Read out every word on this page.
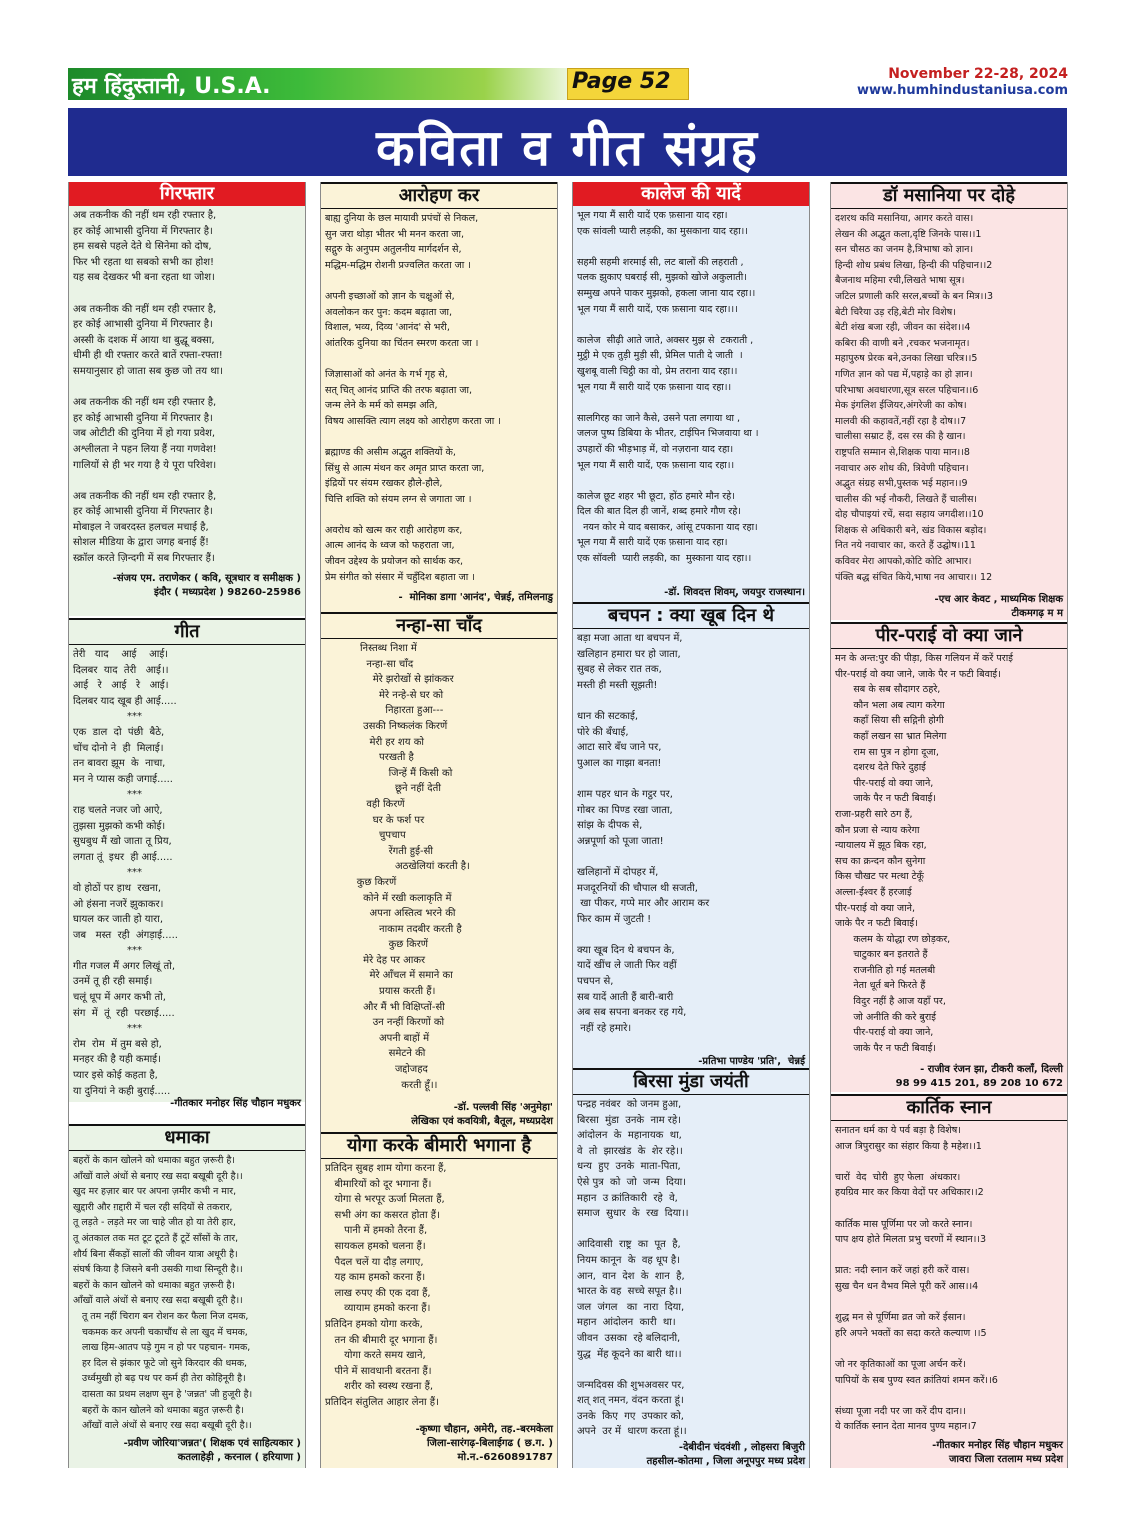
हम हिंदुस्तानी, U.S.A.	Page 52	November 22-28, 2024
www.humhindustaniusa.com
कविता व गीत संग्रह
गिरफ्तार
अब तकनीक की नहीं थम रही रफ्तार है,
हर कोई आभासी दुनिया में गिरफ्तार है।
हम सबसे पहले देते थे सिनेमा को दोष,
फिर भी रहता था सबको सभी का होश!
यह सब देखकर भी बना रहता था जोश।

अब तकनीक की नहीं थम रही रफ्तार है,
हर कोई आभासी दुनिया में गिरफ्तार है।
अस्सी के दशक में आया था बुद्धू बक्सा,
धीमी ही थी रफ्तार करते बातें रफ्ता-रफ्ता!
समयानुसार हो जाता सब कुछ जो तय था।

अब तकनीक की नहीं थम रही रफ्तार है,
हर कोई आभासी दुनिया में गिरफ्तार है।
जब ओटीटी की दुनिया में हो गया प्रवेश,
अश्लीलता ने पहन लिया हैं नया गणवेश!
गालियों से ही भर गया है ये पूरा परिवेश।

अब तकनीक की नहीं थम रही रफ्तार है,
हर कोई आभासी दुनिया में गिरफ्तार है।
मोबाइल ने जबरदस्त हलचल मचाई है,
सोशल मीडिया के द्वारा जगह बनाई हैं!
स्क्रॉल करते ज़िन्दगी में सब गिरफ्तार हैं।
-संजय एम. तराणेकर ( कवि, सूत्रधार व समीक्षक )
इंदौर ( मध्यप्रदेश ) 98260-25986
गीत
तेरी   याद    आई    आई।
दिलबर  याद  तेरी   आई।।
आई   रे   आई   रे   आई।
दिलबर याद खूब ही आई.....
***
एक  डाल  दो  पंछी  बैठे,
चोंच दोनो ने  ही  मिलाई।
तन बावरा झूम  के  नाचा,
मन ने प्यास कही जगाई.....
***
राह चलते नजर जो आऐ,
तुझसा मुझको कभी कोई।
सुधबुध मैं खो जाता तू प्रिय,
लगता तूं  इधर  ही आई.....
***
वो होठों पर हाथ  रखना,
ओ हंसना नजरें झुकाकर।
घायल कर जाती हो यारा,
जब   मस्त  रही  अंगड़ाई.....
***
गीत गजल मैं अगर लिखूं तो,
उनमें तू ही रही समाई।
चलूं धूप में अगर कभी तो,
संग  में  तूं  रही  परछाई.....
***
रोम  रोम  में तुम बसे हो,
मनहर की है यही कमाई।
प्यार इसे कोई कहता है,
या दुनियां ने कही बुराई.....
-गीतकार मनोहर सिंह चौहान मधुकर
धमाका
बहरों के कान खोलने को धमाका बहुत ज़रूरी है।
आँखों वाले अंधों से बनाए रख सदा बखूबी दूरी है।।
खुद मर हज़ार बार पर अपना ज़मीर कभी न मार,
खुद्दारी और ग़द्दारी में चल रही सदियों से तकरार,
तू लड़ते - लड़ते मर जा चाहे जीत हो या तेरी हार,
तू अंतकाल तक मत टूट टूटते हैं टूटें साँसों के तार,
शौर्य बिना सैंकड़ों सालों की जीवन यात्रा अधूरी है।
संघर्ष किया है जिसने बनी उसकी गाथा सिन्दूरी है।।
बहरों के कान खोलने को धमाका बहुत ज़रूरी है।
आँखों वाले अंधों से बनाए रख सदा बखूबी दूरी है।।
तू तम नहीं चिराग बन रोशन कर फैला निज दमक,
चकमक कर अपनी चकाचौंध से ला खुद में चमक,
लाख हिम-आतप पड़े गुम न हो पर पहचान- गमक,
हर दिल से झंकार फूटे जो सुने किरदार की धमक,
उर्ध्वमुखी हो बढ़ पथ पर कर्म ही तेरा कोहिनूरी है।
दासता का प्रथम लक्षण सुन हे 'जन्नत' जी हुजूरी है।
बहरों के कान खोलने को धमाका बहुत ज़रूरी है।
आँखों वाले अंधों से बनाए रख सदा बखूबी दूरी है।।
-प्रवीण जोरिया'जन्नत'( शिक्षक एवं साहित्यकार )
कतलाहेड़ी , करनाल ( हरियाणा )
आरोहण कर
बाह्य दुनिया के छल मायावी प्रपंचों से निकल,
सुन जरा थोड़ा भीतर भी मनन करता जा,
सद्गुरु के अनुपम अतुलनीय मार्गदर्शन से,
मद्धिम-मद्धिम रोशनी प्रज्वलित करता जा ।

अपनी इच्छाओं को ज्ञान के चक्षुओं से,
अवलोकन कर पुन: कदम बढ़ाता जा,
विशाल, भव्य, दिव्य 'आनंद' से भरी,
आंतरिक दुनिया का चिंतन स्मरण करता जा ।

जिज्ञासाओं को अनंत के गर्भ गृह से,
सत् चित् आनंद प्राप्ति की तरफ बढ़ाता जा,
जन्म लेने के मर्म को समझ अति,
विषय आसक्ति त्याग लक्ष्य को आरोहण करता जा ।

ब्रह्माण्ड की असीम अद्भुत शक्तियों के,
सिंधु से आत्म मंथन कर अमृत प्राप्त करता जा,
इंद्रियों पर संयम रखकर हौले-हौले,
चित्ति शक्ति को संयम लग्न से जगाता जा ।

अवरोध को खत्म कर राही आरोहण कर,
आत्म आनंद के ध्वज को फहराता जा,
जीवन उद्देश्य के प्रयोजन को सार्थक कर,
प्रेम संगीत को संसार में चहुँदिश बहाता जा ।
-  मोनिका डागा 'आनंद', चेन्नई, तमिलनाडु
नन्हा-सा चाँद
निस्तब्ध निशा में
नन्हा-सा चाँद
मेरे झरोखों से झांककर
मेरे नन्हे-से घर को
निहारता हुआ---
उसकी निष्कलंक किरणें
मेरी हर शय को
परखती है
जिन्हें मैं किसी को
छूने नहीं देती
वही किरणें
घर के फर्श पर
चुपचाप
रेंगती हुई-सी
अठखेलियां करती है।
कुछ किरणें
कोने में रखी कलाकृति में
अपना अस्तित्व भरने की
नाकाम तदबीर करती है
कुछ किरणें
मेरे देह पर आकर
मेरे आँचल में समाने का
प्रयास करती हैं।
और मैं भी विक्षिप्तों-सी
उन नन्हीं किरणों को
अपनी बाहों में
समेटने की
जद्दोजहद
करती हूँ।।
-डॉ. पल्लवी सिंह 'अनुमेहा'
लेखिका एवं कवयित्री, बैतूल, मध्यप्रदेश
योगा करके बीमारी भगाना है
प्रतिदिन सुबह शाम योगा करना हैं,
बीमारियों को दूर भगाना हैं।
योगा से भरपूर ऊर्जा मिलता हैं,
सभी अंग का कसरत होता हैं।
पानी में हमको तैरना हैं,
सायकल हमको चलना हैं।
पैदल चलें या दौड़ लगाए,
यह काम हमको करना हैं।
लाख रुपए की एक दवा हैं,
व्यायाम हमको करना हैं।
प्रतिदिन हमको योगा करके,
तन की बीमारी दूर भगाना हैं।
योगा करते समय खाने,
पीने में सावधानी बरतना हैं।
शरीर को स्वस्थ रखना हैं,
प्रतिदिन संतुलित आहार लेना हैं।
-कृष्णा चौहान, अमेरी, तह.-बरमकेला
जिला-सारंगढ़-बिलाईगढ ( छ.ग. )
मो.न.-6260891787
कालेज की यादें
भूल गया मैं सारी यादें एक फ़साना याद रहा।
एक सांवली प्यारी लड़की, का मुसकाना याद रहा।।

सहमी सहमी शरमाई सी, लट बालों की लहराती ,
पलक झुकाए घबराई सी, मुझको खोजे अकुलाती।
सम्मुख अपने पाकर मुझको, हकला जाना याद रहा।।
भूल गया मैं सारी यादें, एक फ़साना याद रहा।।।

कालेज  सीढ़ी आते जाते, अक्सर मुझ से  टकराती ,
मुट्ठी मे एक तुड़ी मुड़ी सी, प्रेमिल पाती दे जाती  ।
खुशबू वाली चिट्ठी का वो, प्रेम तराना याद रहा।।
भूल गया मैं सारी यादें एक फ़साना याद रहा।।

सालगिरह का जाने कैसे, उसने पता लगाया था ,
जलज पुष्प डिबिया के भीतर, टाईपिन भिजवाया था ।
उपहारों की भीड़भाड़ में, वो नज़राना याद रहा।
भूल गया मैं सारी यादें, एक फ़साना याद रहा।।

कालेज छूट शहर भी छूटा, होंठ हमारे मौन रहे।
दिल की बात दिल ही जानें, शब्द हमारे गौण रहे।
नयन कोर मे याद बसाकर, आंसू टपकाना याद रहा।
भूल गया मैं सारी यादें एक फ़साना याद रहा।
एक सॉवली  प्यारी लड़की, का  मुस्काना याद रहा।।
-डॉ. शिवदत्त शिवम्, जयपुर राजस्थान।
बचपन : क्या खूब दिन थे
बड़ा मजा आता था बचपन में,
खलिहान हमारा घर हो जाता,
सुबह से लेकर रात तक,
मस्ती ही मस्ती सूझती!

धान की सटकाई,
पोरे की बँधाई,
आटा सारे बँध जाने पर,
पुआल का गाझा बनता!

शाम पहर धान के गट्ठर पर,
गोबर का पिण्ड रखा जाता,
सांझ के दीपक से,
अन्नपूर्णा को पूजा जाता!

खलिहानों में दोपहर में,
मजदूरनियों की चौपाल थी सजती,
खा पीकर, गप्पे मार और आराम कर
फिर काम में जुटती !

क्या खूब दिन थे बचपन के,
यादें खींच ले जाती फिर वहीं
पचपन से,
सब यादें आती हैं बारी-बारी
अब सब सपना बनकर रह गये,
नहीं रहे हमारे।
-प्रतिभा पाण्डेय 'प्रति',  चेन्नई
बिरसा मुंडा जयंती
पन्द्रह नवंबर  को जनम हुआ,
बिरसा  मुंडा  उनके  नाम रहे।
आंदोलन  के  महानायक  था,
वे  तो  झारखंड  के  शेर रहे।।
धन्य  हुए  उनके  माता-पिता,
ऐसे पुत्र  को  जो  जन्म  दिया।
महान  उ क्रांतिकारी  रहे  वे,
समाज  सुधार  के  रख  दिया।।

आदिवासी  राष्ट्र  का  पूत  है,
नियम कानून  के  वह धूप है।
आन,  वान  देश  के  शान  है,
भारत के वह  सच्चे सपूत है।।
जल  जंगल   का  नारा  दिया,
महान  आंदोलन  कारी  था।
जीवन  उसका  रहे बलिदानी,
युद्ध  मेंह कूदने का बारी था।।

जन्मदिवस की शुभअवसर पर,
शत् शत् नमन, वंदन करता हूं।
उनके  किए  गए  उपकार को,
अपने  उर में  धारण करता हूं।।
-देबीदीन चंदवंशी , लोहसरा बिजुरी
तहसील-कोतमा , जिला अनूपपुर मध्य प्रदेश
डॉ मसानिया पर दोहे
दशरथ कवि मसानिया, आगर करते वास।
लेखन की अद्भुत कला,दृष्टि जिनके पास।।1
सन चौसठ का जनम है,त्रिभाषा को ज्ञान।
हिन्दी शोध प्रबंध लिखा, हिन्दी की पहिचान।।2
बैजनाथ महिमा रची,लिखते भाषा सूत्र।
जटिल प्रणाली करि सरल,बच्चों के बन मित्र।।3
बेटी चिरैया उड़ रहि,बेटी मोर विशेष।
बेटी शंख बजा रही, जीवन का संदेश।।4
कबिरा की वाणी बने ,रचकर भजनामृत।
महापुरुष प्रेरक बने,उनका लिखा चरित्र।।5
गणित ज्ञान को पद्य में,पहाड़े का हो ज्ञान।
परिभाषा अवधारणा,सूत्र सरल पहिचान।।6
मेक इंगलिश ईजियर,अंगरेजी का कोष।
मालवी की कहावतें,नहीं रहा है दोष।।7
चालीसा सम्राट हैं, दस रस की है खान।
राष्ट्रपति सम्मान से,शिक्षक पाया मान।।8
नवाचार अरु शोध की, त्रिवेणी पहिचान।
अद्भुत संग्रह सभी,पुस्तक भई महान।।9
चालीस की भई नौकरी, लिखते हैं चालीस।
दोह चौपाइयां रचें, सदा सहाय जगदीश।।10
शिक्षक से अधिकारी बने, खंड विकास बड़ोद।
नित नये नवाचार का, करते हैं उद्घोष।।11
कविवर मेरा आपको,कोटि कोटि आभार।
पंक्ति बद्ध संचित किये,भाषा नव आचार।। 12
-एच आर केवट , माध्यमिक शिक्षक
टीकमगढ़ म म
पीर-पराई वो क्या जाने
मन के अन्त:पुर की पीड़ा, किस गलियन में करें पराई
पीर-पराई वो क्या जाने, जाके पैर न फटी बिवाई।
सब के सब सौदागर ठहरे,
कौन भला अब त्याग करेगा
कहाँ सिया सी सद्गिनी होगी
कहाँ लखन सा भ्रात मिलेगा
राम सा पुत्र न होगा दूजा,
दशरथ देते फिरे दुहाई
पीर-पराई वो क्या जाने,
जाके पैर न फटी बिवाई।
राजा-प्रहरी सारे ठग हैं,
कौन प्रजा से न्याय करेगा
न्यायालय में झूठ बिक रहा,
सच का क्रन्दन कौन सुनेगा
किस चौखट पर मत्था टेकूँ
अल्ला-ईश्वर हैं हरजाई
पीर-पराई वो क्या जाने,
जाके पैर न फटी बिवाई।
कलम के योद्धा रण छोड़कर,
चाटुकार बन इतराते हैं
राजनीति हो गई मतलबी
नेता धूर्त बने फिरते हैं
विदुर नहीं है आज यहाँ पर,
जो अनीति की करे बुराई
पीर-पराई वो क्या जाने,
जाके पैर न फटी बिवाई।
- राजीव रंजन झा, टीकरी कलाँ, दिल्ली
98 99 415 201, 89 208 10 672
कार्तिक स्नान
सनातन धर्म का ये पर्व बड़ा है विशेष।
आज त्रिपुरासुर का संहार किया है महेश।।1

चारों  वेद  चोरी  हुए फेला  अंधकार।
हयग्रिव मार कर किया वेदों पर अधिकार।।2

कार्तिक मास पूर्णिमा पर जो करते स्नान।
पाप क्षय होते मिलता प्रभु चरणों में स्थान।।3

प्रात: नदी स्नान करें जहां हरी करें वास।
सुख चैन धन वैभव मिले पूरी करें आस।।4

शुद्ध मन से पूर्णिमा व्रत जो करें ईसान।
हरि अपने भक्तों का सदा करते कल्याण ।।5

जो नर कृतिकाओं का पूजा अर्चन करें।
पापियों के सब पुण्य स्वत क्रांतियां शमन करें।।6

संध्या पूजा नदी पर जा करें दीप दान।।
ये कार्तिक स्नान देता मानव पुण्य महान।7
-गीतकार मनोहर सिंह चौहान मधुकर
जावरा जिला रतलाम मध्य प्रदेश
